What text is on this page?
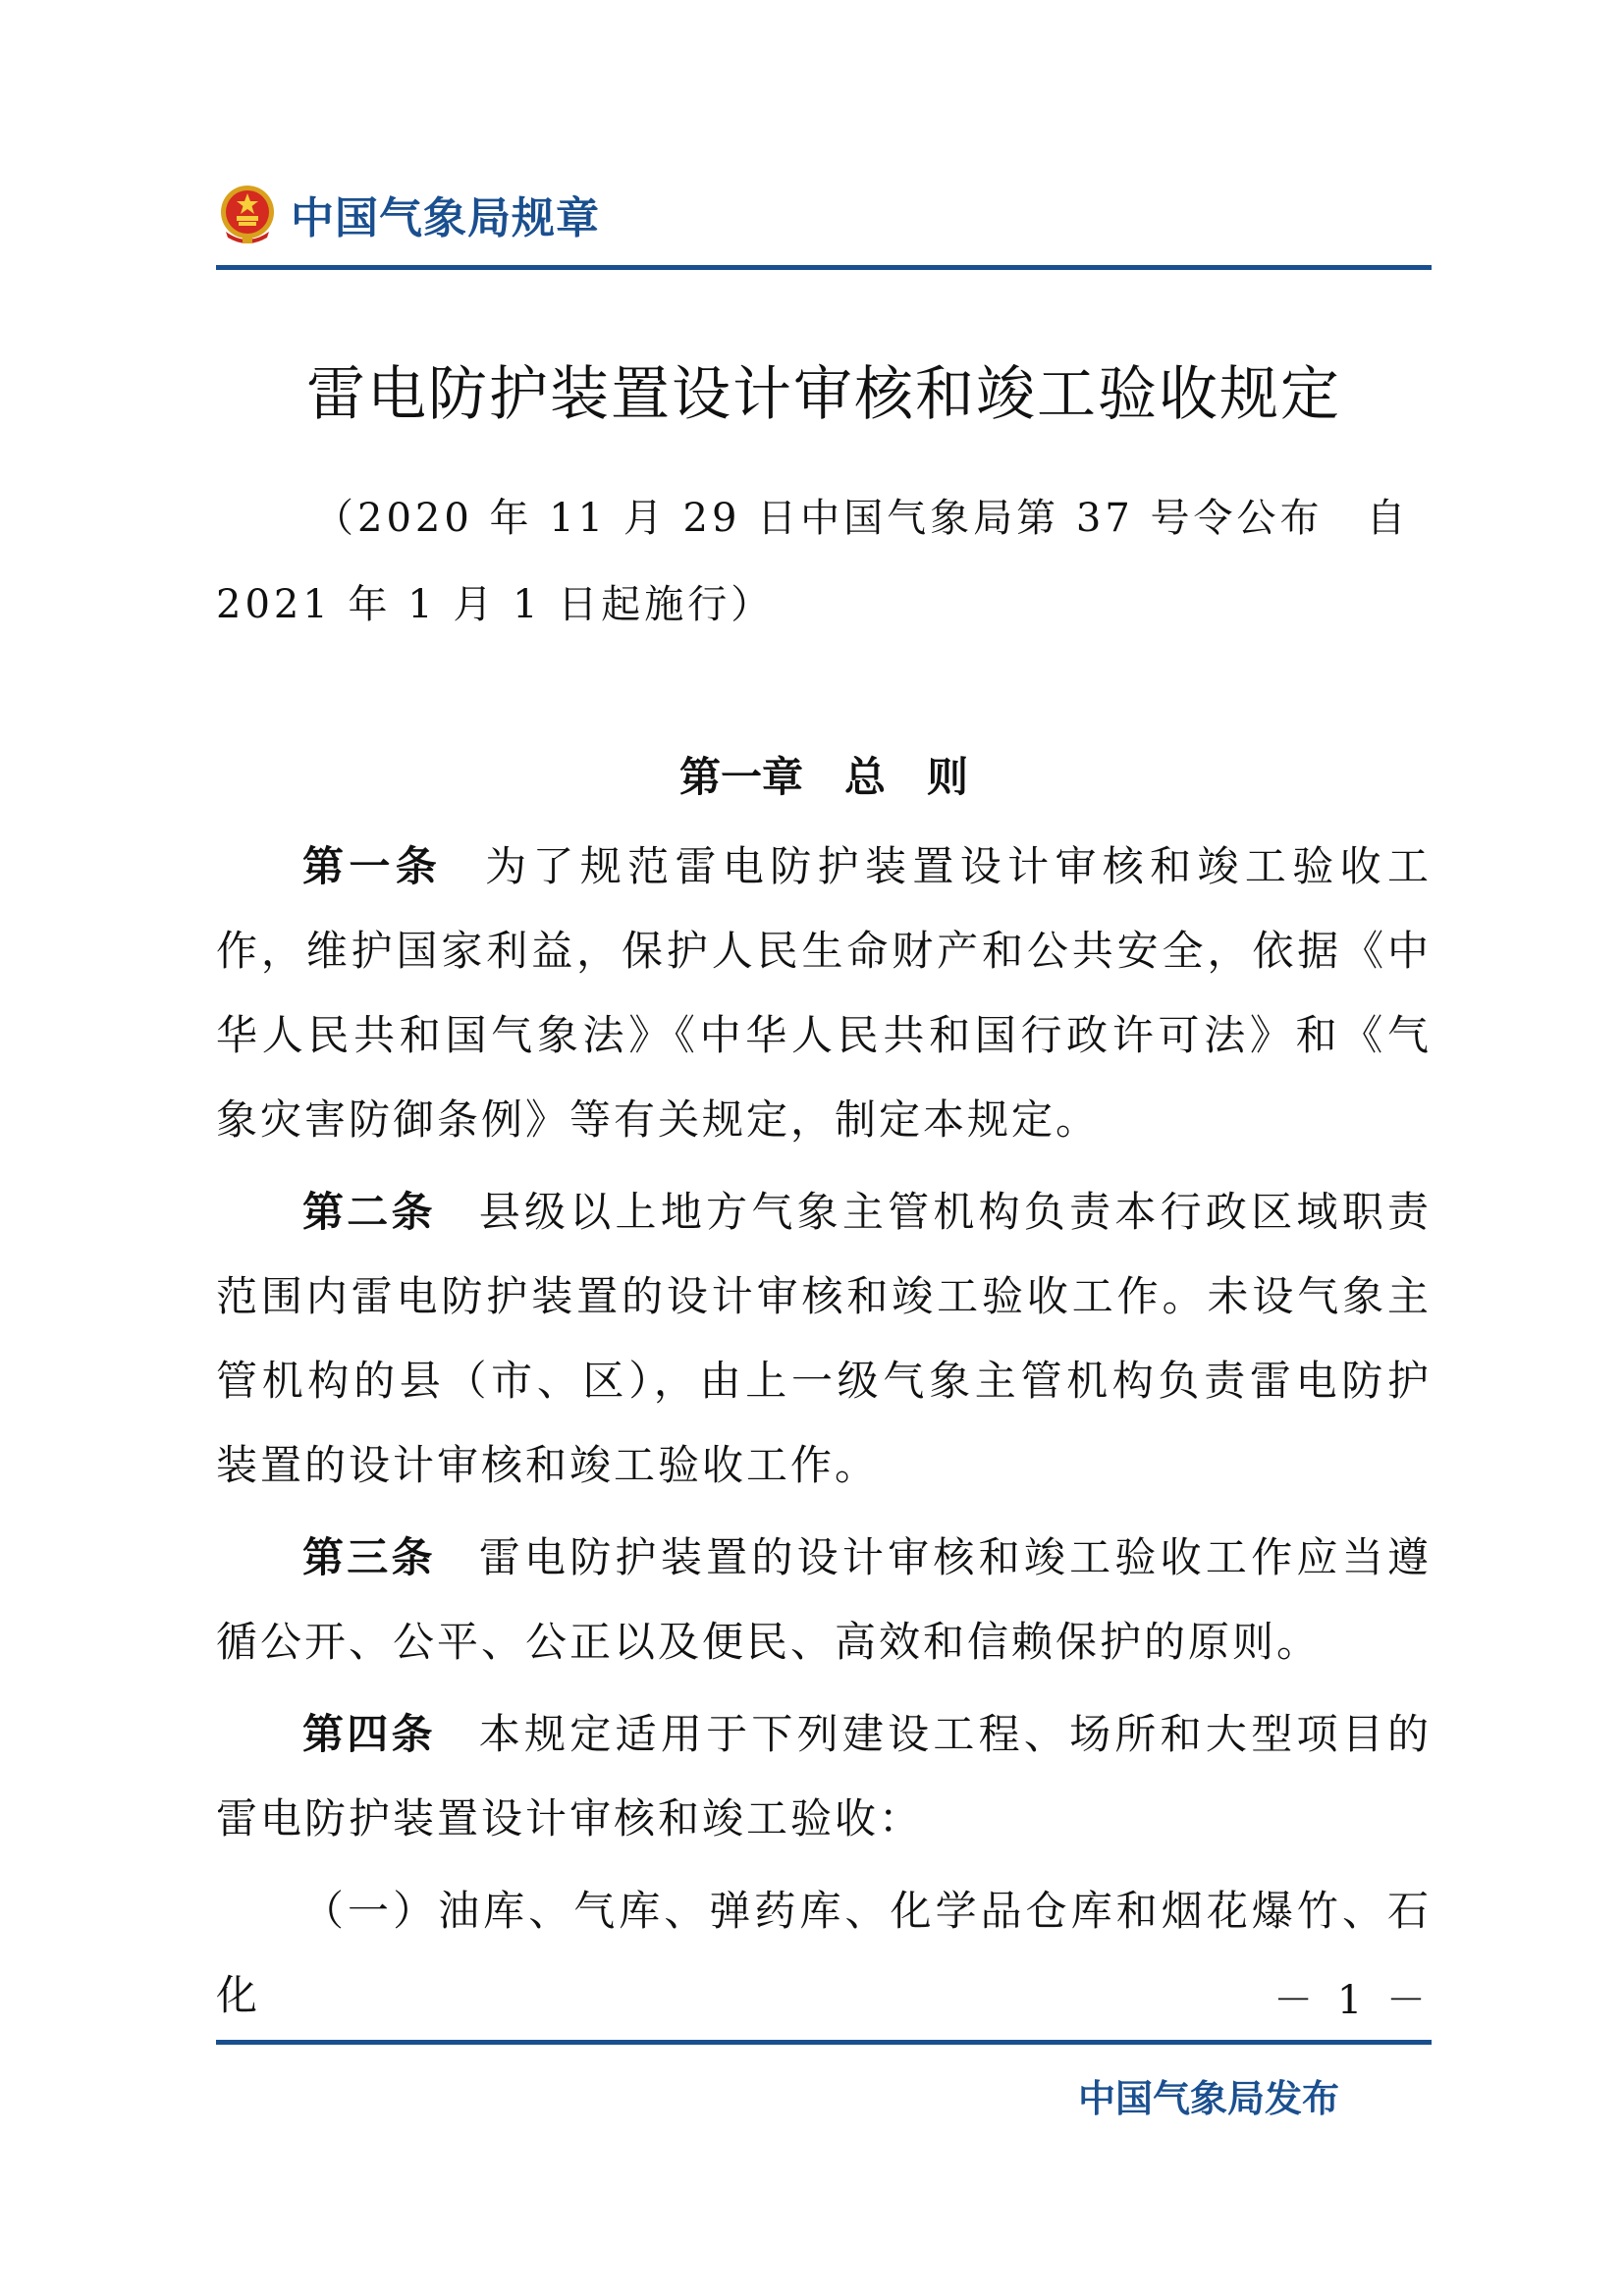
中国气象局规章
雷电防护装置设计审核和竣工验收规定
（2020 年 11 月 29 日中国气象局第 37 号令公布　自 2021 年 1 月 1 日起施行）
第一章　总　则

第一条 为了规范雷电防护装置设计审核和竣工验收工作，维护国家利益，保护人民生命财产和公共安全，依据《中华人民共和国气象法》《中华人民共和国行政许可法》和《气象灾害防御条例》等有关规定，制定本规定。

第二条 县级以上地方气象主管机构负责本行政区域职责范围内雷电防护装置的设计审核和竣工验收工作。未设气象主管机构的县（市、区），由上一级气象主管机构负责雷电防护装置的设计审核和竣工验收工作。

第三条 雷电防护装置的设计审核和竣工验收工作应当遵循公开、公平、公正以及便民、高效和信赖保护的原则。

第四条 本规定适用于下列建设工程、场所和大型项目的雷电防护装置设计审核和竣工验收：

（一）油库、气库、弹药库、化学品仓库和烟花爆竹、石化	－ 1 －
中国气象局发布
